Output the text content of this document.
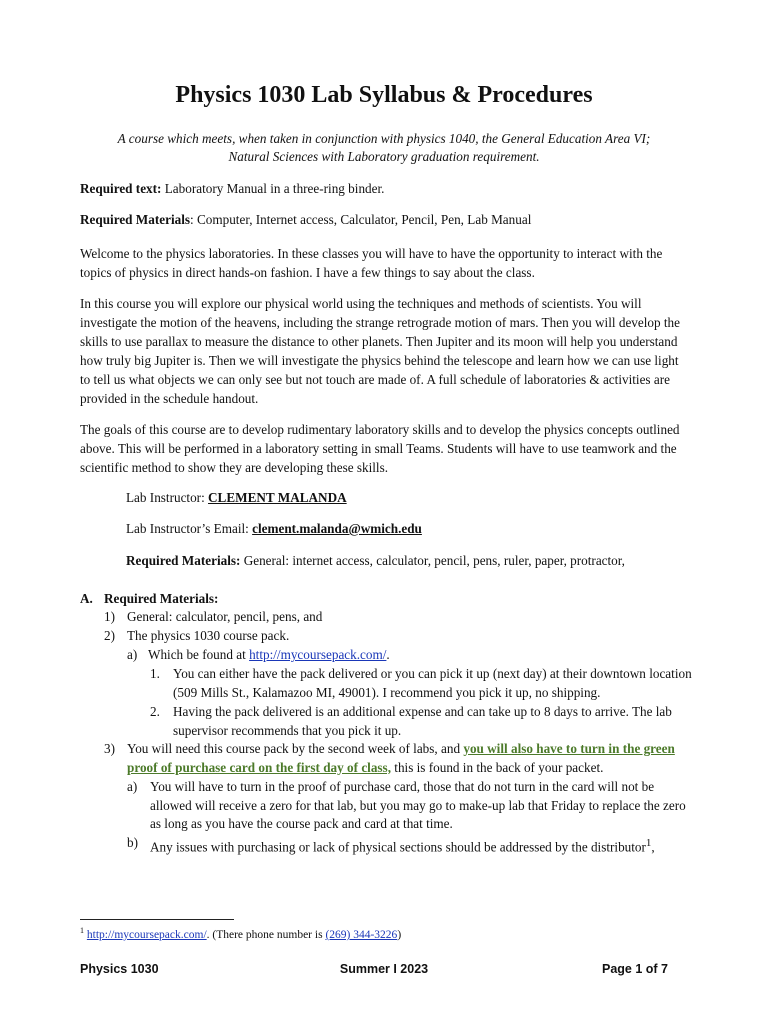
Physics 1030 Lab Syllabus & Procedures
A course which meets, when taken in conjunction with physics 1040, the General Education Area VI;
Natural Sciences with Laboratory graduation requirement.
Required text: Laboratory Manual in a three-ring binder.
Required Materials: Computer, Internet access, Calculator, Pencil, Pen, Lab Manual
Welcome to the physics laboratories. In these classes you will have to have the opportunity to interact with the topics of physics in direct hands-on fashion. I have a few things to say about the class.
In this course you will explore our physical world using the techniques and methods of scientists. You will investigate the motion of the heavens, including the strange retrograde motion of mars. Then you will develop the skills to use parallax to measure the distance to other planets. Then Jupiter and its moon will help you understand how truly big Jupiter is. Then we will investigate the physics behind the telescope and learn how we can use light to tell us what objects we can only see but not touch are made of. A full schedule of laboratories & activities are provided in the schedule handout.
The goals of this course are to develop rudimentary laboratory skills and to develop the physics concepts outlined above. This will be performed in a laboratory setting in small Teams. Students will have to use teamwork and the scientific method to show they are developing these skills.
Lab Instructor: CLEMENT MALANDA
Lab Instructor’s Email: clement.malanda@wmich.edu
Required Materials: General: internet access, calculator, pencil, pens, ruler, paper, protractor,
A. Required Materials:
1) General: calculator, pencil, pens, and
2) The physics 1030 course pack.
a) Which be found at http://mycoursepack.com/.
1. You can either have the pack delivered or you can pick it up (next day) at their downtown location (509 Mills St., Kalamazoo MI, 49001). I recommend you pick it up, no shipping.
2. Having the pack delivered is an additional expense and can take up to 8 days to arrive. The lab supervisor recommends that you pick it up.
3) You will need this course pack by the second week of labs, and you will also have to turn in the green proof of purchase card on the first day of class, this is found in the back of your packet.
a) You will have to turn in the proof of purchase card, those that do not turn in the card will not be allowed will receive a zero for that lab, but you may go to make-up lab that Friday to replace the zero as long as you have the course pack and card at that time.
b) Any issues with purchasing or lack of physical sections should be addressed by the distributor$^1$,
$^1$ http://mycoursepack.com/. (There phone number is (269) 344-3226)
Physics 1030	Summer I 2023	Page 1 of 7
